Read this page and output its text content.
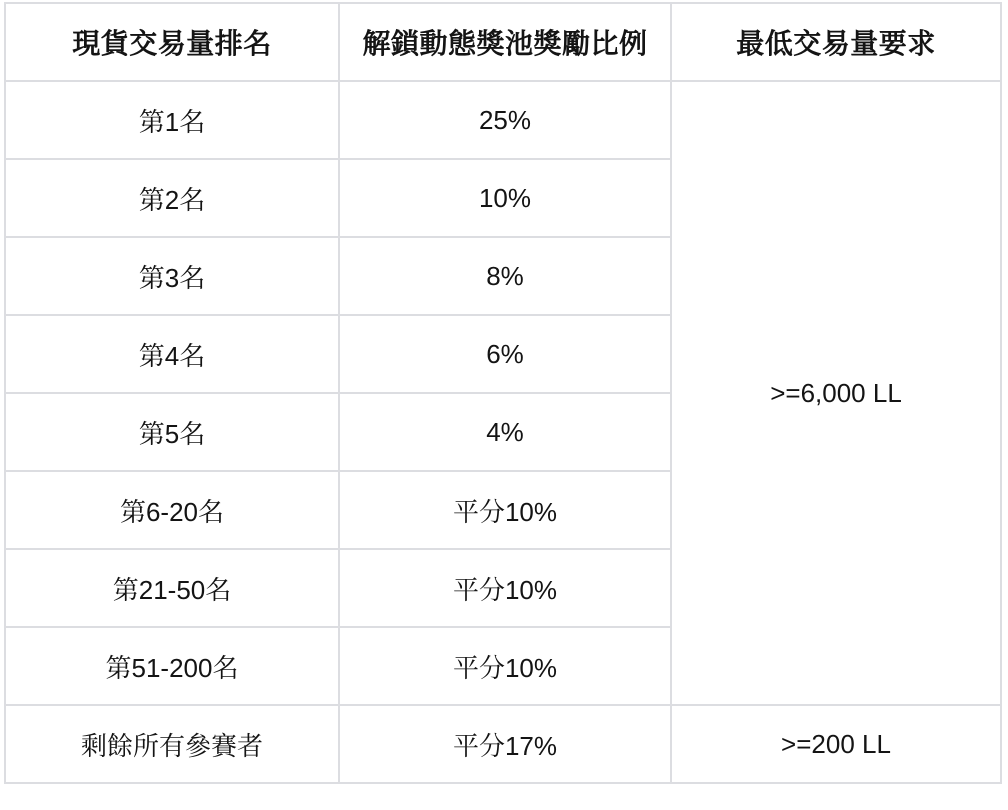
現貨交易量排名	解鎖動態獎池獎勵比例	最低交易量要求
第1名	25%	>=6,000 LL
第2名	10%	
第3名	8%	
第4名	6%	
第5名	4%	
第6-20名	平分10%	
第21-50名	平分10%	
第51-200名	平分10%	
剩餘所有參賽者	平分17%	>=200 LL
